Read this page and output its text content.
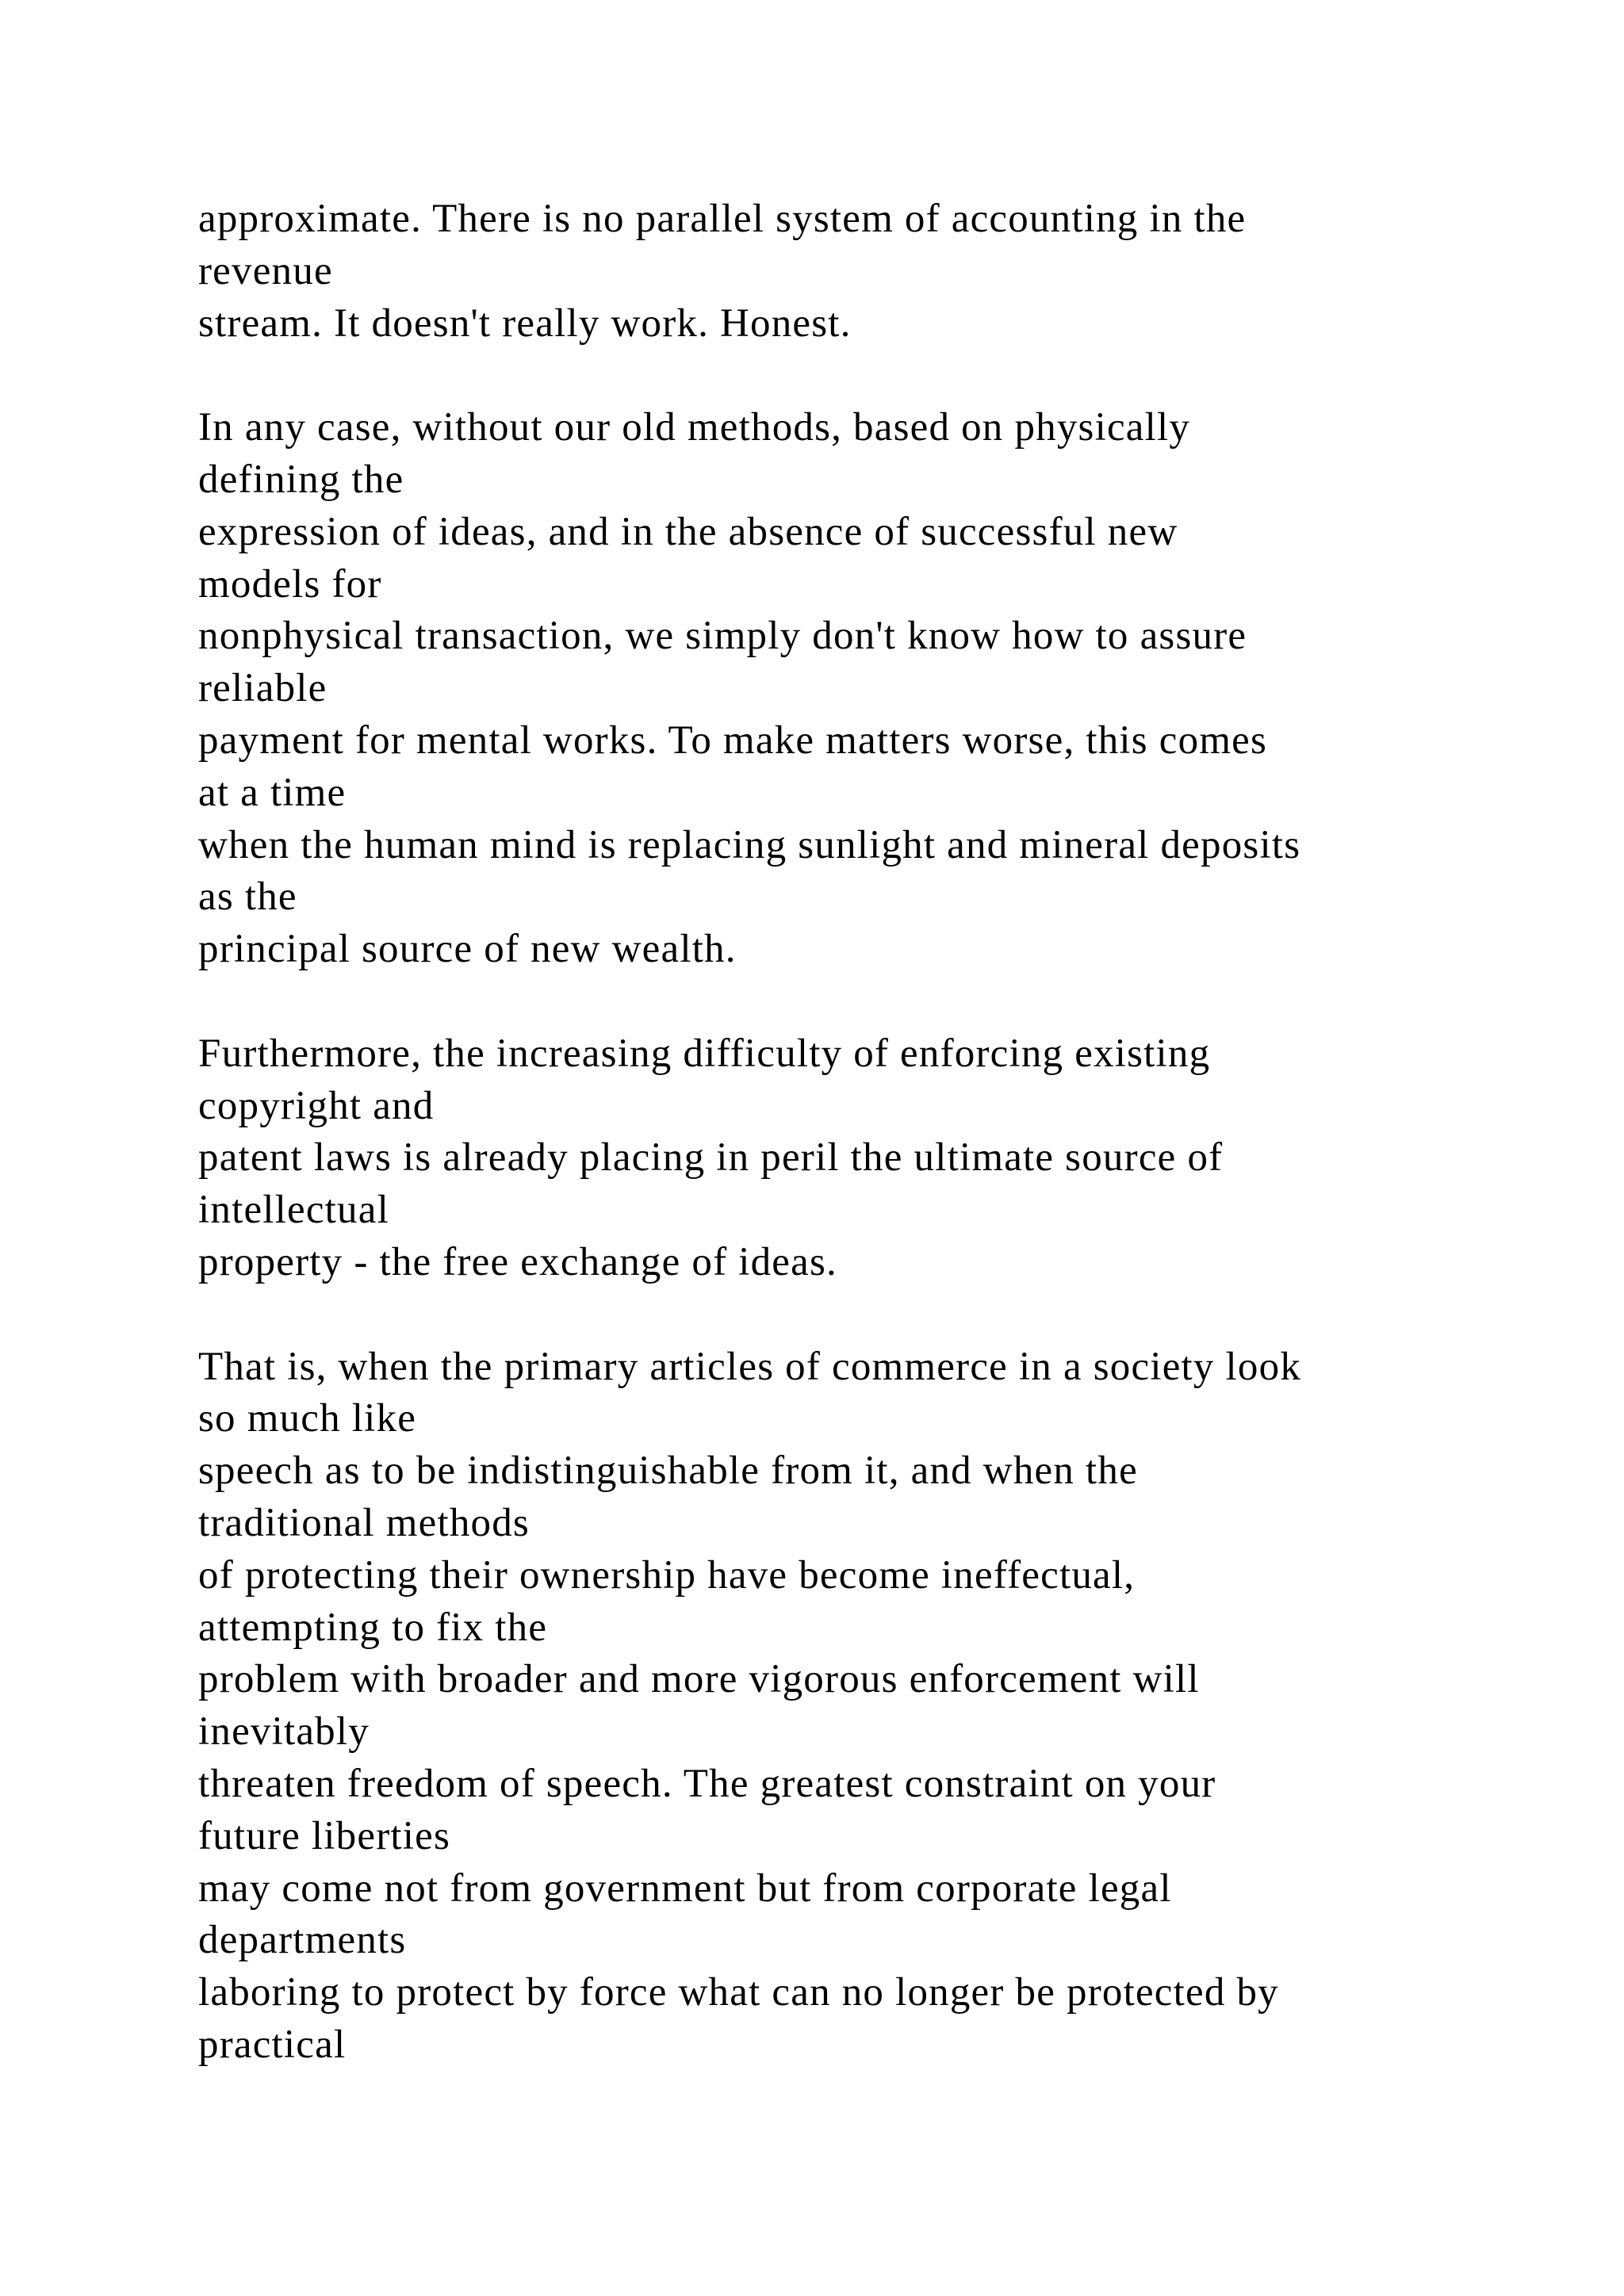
approximate. There is no parallel system of accounting in the
revenue
stream. It doesn't really work. Honest.
In any case, without our old methods, based on physically
defining the
expression of ideas, and in the absence of successful new
models for
nonphysical transaction, we simply don't know how to assure
reliable
payment for mental works. To make matters worse, this comes
at a time
when the human mind is replacing sunlight and mineral deposits
as the
principal source of new wealth.
Furthermore, the increasing difficulty of enforcing existing
copyright and
patent laws is already placing in peril the ultimate source of
intellectual
property - the free exchange of ideas.
That is, when the primary articles of commerce in a society look
so much like
speech as to be indistinguishable from it, and when the
traditional methods
of protecting their ownership have become ineffectual,
attempting to fix the
problem with broader and more vigorous enforcement will
inevitably
threaten freedom of speech. The greatest constraint on your
future liberties
may come not from government but from corporate legal
departments
laboring to protect by force what can no longer be protected by
practical
